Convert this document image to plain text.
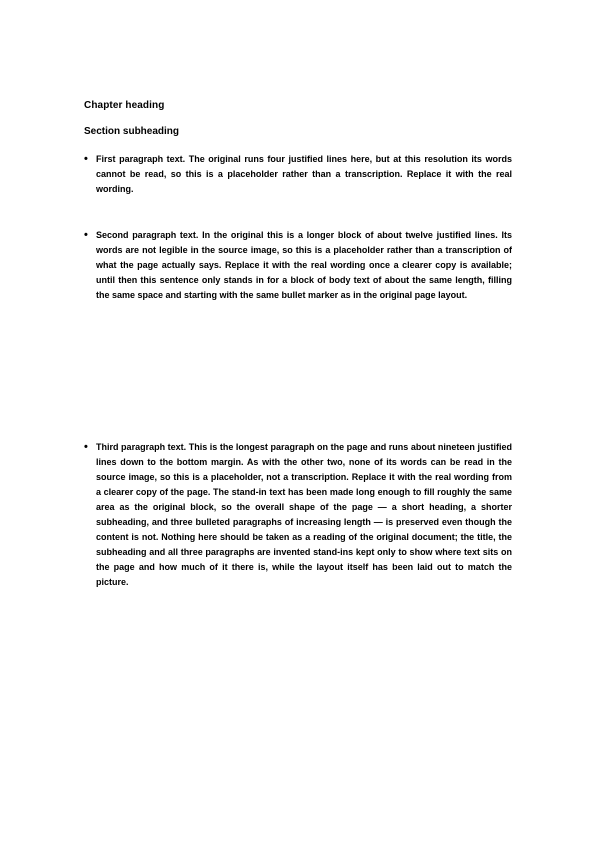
Chapter heading
Section subheading
• First paragraph text. The original runs four justified lines here, but at this resolution its words cannot be read, so this is a placeholder rather than a transcription. Replace it with the real wording.

• Second paragraph text. In the original this is a longer block of about twelve justified lines. Its words are not legible in the source image, so this is a placeholder rather than a transcription of what the page actually says. Replace it with the real wording once a clearer copy is available; until then this sentence only stands in for a block of body text of about the same length, filling the same space and starting with the same bullet marker as in the original page layout.

• Third paragraph text. This is the longest paragraph on the page and runs about nineteen justified lines down to the bottom margin. As with the other two, none of its words can be read in the source image, so this is a placeholder, not a transcription. Replace it with the real wording from a clearer copy of the page. The stand-in text has been made long enough to fill roughly the same area as the original block, so the overall shape of the page — a short heading, a shorter subheading, and three bulleted paragraphs of increasing length — is preserved even though the content is not. Nothing here should be taken as a reading of the original document; the title, the subheading and all three paragraphs are invented stand-ins kept only to show where text sits on the page and how much of it there is, while the layout itself has been laid out to match the picture.
